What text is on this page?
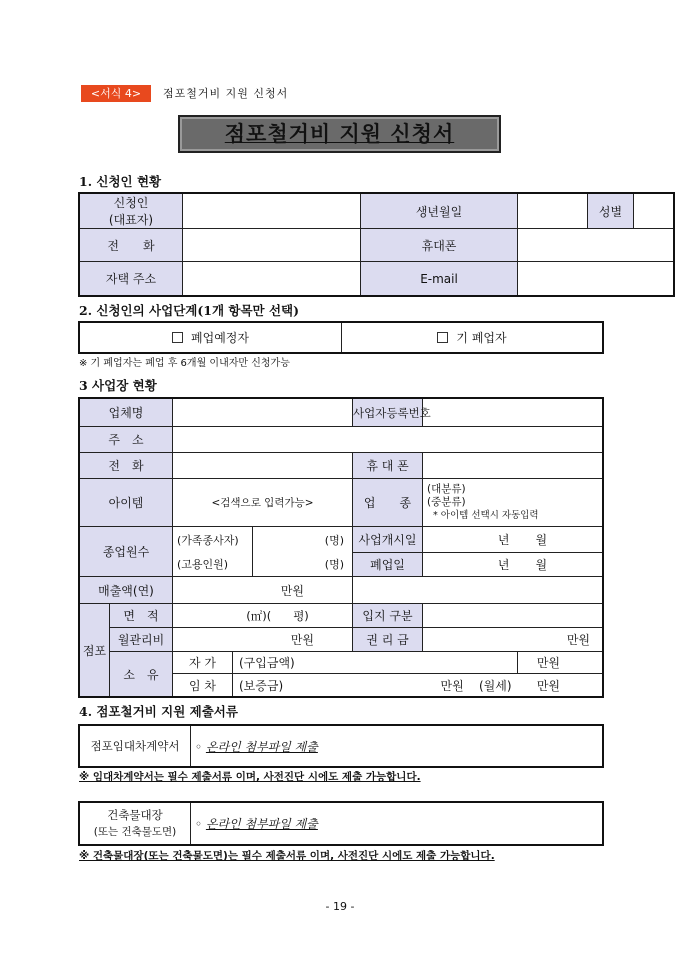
<서식 4>	점포철거비 지원 신청서
점포철거비 지원 신청서
1. 신청인 현황
신청인
(대표자)		생년월일		성별	
전　　화		휴대폰			
자택 주소		E-mail			
2. 신청인의 사업단계(1개 항목만 선택)
폐업예정자	기 폐업자
※ 기 폐업자는 폐업 후 6개월 이내자만 신청가능
3 사업장 현황
업체명					사업자등록번호		
주　소							
전　화					휴 대 폰		
아이템		<검색으로 입력가능>			업　　종	(대분류)
(중분류)
* 아이템 선택시 자동입력	

종업원수		(가족종사자)		(명)	사업개시일	년	월
		(고용인원)		(명)	폐업일	년	월
매출액(연)		만원					
점포	면　적	(㎡)( 평)			입지 구분		
	월관리비	만원			권 리 금	만원	
	소　유	자 가	(구입금액)				만원
		임 차	(보증금)		만원 (월세)		만원
4. 점포철거비 지원 제출서류
점포임대차계약서	◦ 온라인 첨부파일 제출
※ 임대차계약서는 필수 제출서류 이며, 사전진단 시에도 제출 가능합니다.
건축물대장
(또는 건축물도면)
	◦ 온라인 첨부파일 제출
※ 건축물대장(또는 건축물도면)는 필수 제출서류 이며, 사전진단 시에도 제출 가능합니다.
- 19 -
